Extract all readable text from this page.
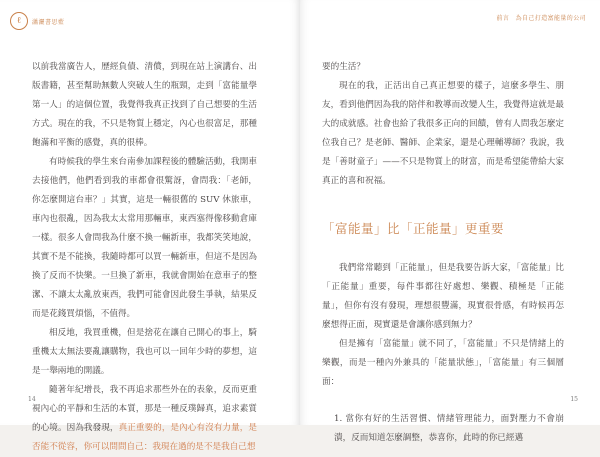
ℓ	瀟灑書思藍

以前我當廣告人，歷經負債、清償，到現在站上演講台、出版書籍，甚至幫助無數人突破人生的瓶頸，走到「富能量學第一人」的這個位置，我覺得我真正找到了自己想要的生活方式。現在的我，不只是物質上穩定，內心也很富足，那種飽滿和平衡的感覺，真的很棒。

有時候我的學生來台南參加課程後的體驗活動，我開車去接他們，他們看到我的車都會很驚訝，會問我：「老師，你怎麼開這台車？」其實，這是一輛很舊的 SUV 休旅車，車內也很亂，因為我太太常用那輛車，東西塞得像移動倉庫一樣。很多人會問我為什麼不換一輛新車，我都笑笑地說，其實不是不能換，我隨時都可以買一輛新車，但這不是因為換了反而不快樂。一旦換了新車，我就會開始在意車子的整潔、不讓太太亂放東西，我們可能會因此發生爭執，結果反而是花錢買煩惱，不值得。

相反地，我買重機，但是捨花在讓自己開心的事上，騎重機太太無法要亂讓購物，我也可以一回年少時的夢想，這是一舉兩地的開議。

隨著年紀增長，我不再追求那些外在的表象，反而更重視內心的平靜和生活的本質，那是一種反璞歸真，追求素質的心境。因為我發現，真正重要的，是內心有沒有力量，是否能不從容，你可以問問自己：我現在過的是不是我自己想

14
前言　為自己打造富能量的公司

要的生活？

現在的我，正活出自己真正想要的樣子，這麼多學生、朋友，看到他們因為我的陪伴和教導而改變人生，我覺得這就是最大的成就感。社會也給了我很多正向的回饋，曾有人問我怎麼定位我自己？是老師、醫師、企業家，還是心理輔導師？我說，我是「善財童子」——不只是物質上的財富，而是希望能帶給大家真正的喜和祝福。

「富能量」比「正能量」更重要

我們常常聽到「正能量」，但是我要告訴大家，「富能量」比「正能量」重要，每件事都往好處想、樂觀、積極是「正能量」，但你有沒有發現，理想很豐滿，現實很骨感，有時候再怎麼想得正面，現實還是會讓你感到無力？

但是擁有「富能量」就不同了，「富能量」不只是情緒上的樂觀，而是一種內外兼具的「能量狀態」，「富能量」有三個層面：

1. 當你有好的生活習慣、情緒管理能力，面對壓力不會崩潰，反而知道怎麼調整，恭喜你，此時的你已經邁

15
